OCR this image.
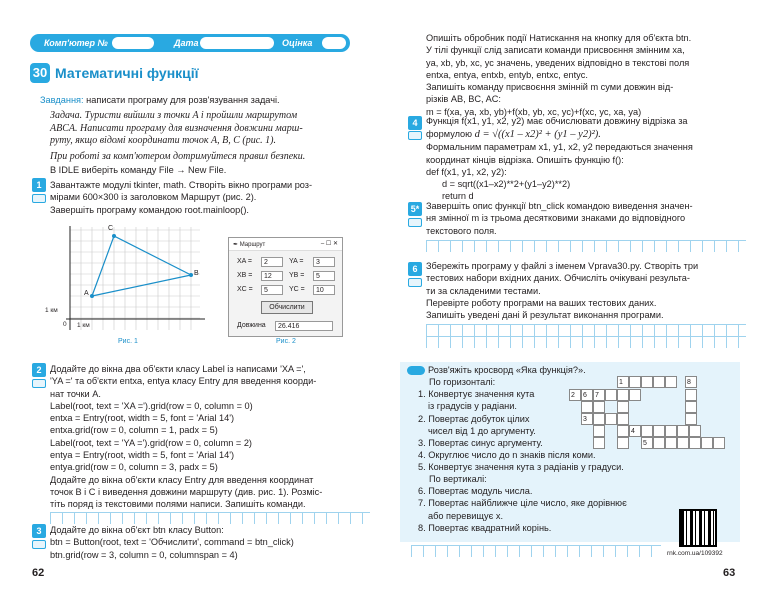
Комп'ютер №	Дата	Оцінка
30 Математичні функції
Завдання: написати програму для розв'язування задачі.
Задача. Туристи вийшли з точки A і пройшли маршрутом
ABCA. Написати програму для визначення довжини марш-
руту, якщо відомі координати точок A, B, C (рис. 1).
При роботі за комп'ютером дотримуйтеся правил безпеки.
В IDLE виберіть команду File → New File.
1 Завантажте модулі tkinter, math. Створіть вікно програми роз-
мірами 600×300 із заголовком Маршрут (рис. 2).
Завершіть програму командою root.mainloop().
A
B
C
1 км
1 км
0
Рис. 1
✒ Маршрут	– ☐ ✕
XA =	2	YA =	3
XB =	12	YB =	5
XC =	5	YC =	10
Обчислити
Довжина	26.416
Рис. 2
2 Додайте до вікна два об'єкти класу Label із написами 'XA =',
'YA =' та об'єкти entxa, entya класу Entry для введення коорди-
нат точки A.
Label(root, text = 'XA =').grid(row = 0, column = 0)
entxa = Entry(root, width = 5, font = 'Arial 14')
entxa.grid(row = 0, column = 1, padx = 5)
Label(root, text = 'YA =').grid(row = 0, column = 2)
entya = Entry(root, width = 5, font = 'Arial 14')
entya.grid(row = 0, column = 3, padx = 5)
Додайте до вікна об'єкти класу Entry для введення координат
точок B і C і виведення довжини маршруту (див. рис. 1). Розміс-
тіть поряд із текстовими полями написи. Запишіть команди.
3 Додайте до вікна об'єкт btn класу Button:
btn = Button(root, text = 'Обчислити', command = btn_click)
btn.grid(row = 3, column = 0, columnspan = 4)
62
Опишіть обробник події Натискання на кнопку для об'єкта btn.
У тілі функції слід записати команди присвоєння змінним xa,
ya, xb, yb, xc, yc значень, уведених відповідно в текстові поля
entxa, entya, entxb, entyb, entxc, entyc.
Запишіть команду присвоєння змінній m суми довжин від-
різків AB, BC, AC:
m = f(xa, ya, xb, yb)+f(xb, yb, xc, yc)+f(xc, yc, xa, ya)
4 Функція f(x1, y1, x2, y2) має обчислювати довжину відрізка за
формулою d = √((x1 – x2)² + (y1 – y2)²).
Формальним параметрам x1, y1, x2, y2 передаються значення
координат кінців відрізка. Опишіть функцію f():
def f(x1, y1, x2, y2):
d = sqrt((x1–x2)**2+(y1–y2)**2)
return d
5* Завершіть опис функції btn_click командою виведення значен-
ня змінної m із трьома десятковими знаками до відповідного
текстового поля.
6 Збережіть програму у файлі з іменем Vprava30.py. Створіть три
тестових набори вхідних даних. Обчисліть очікувані результа-
ти за складеними тестами.
Перевірте роботу програми на ваших тестових даних.
Запишіть уведені дані й результат виконання програми.
Розв'яжіть кросворд «Яка функція?».
По горизонталі:
1. Конвертує значення кута
із градусів у радіани.
2. Повертає добуток цілих
чисел від 1 до аргументу.
3. Повертає синус аргументу.
4. Округлює число до n знаків після коми.
5. Конвертує значення кута з радіанів у градуси.
По вертикалі:
6. Повертає модуль числа.
7. Повертає найближче ціле число, яке дорівнює
або перевищує x.
8. Повертає квадратний корінь.
1	8
2	6	7
3
4
5
rnk.com.ua/109392
63
